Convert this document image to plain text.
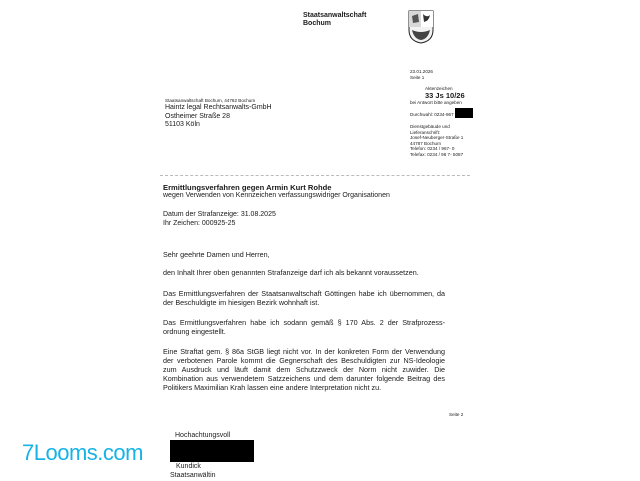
Staatsanwaltschaft
Bochum
23.01.2026
Seite 1
Aktenzeichen
33 Js 10/26
bei Antwort bitte angeben
Durchwahl: 0234-967
Dienstgebäude und
Lieferanschrift:
Josef-Neuberger-Straße 1
44787 Bochum
Telefon: 0234 / 967- 0
Telefax: 0234 / 96 7- 5087
Staatsanwaltschaft Bochum, 44782 Bochum
Haintz legal Rechtsanwalts-GmbH
Ostheimer Straße 28
51103 Köln
Ermittlungsverfahren gegen Armin Kurt Rohde
wegen Verwenden von Kennzeichen verfassungswidriger Organisationen
Datum der Strafanzeige: 31.08.2025
Ihr Zeichen: 000925-25
Sehr geehrte Damen und Herren,
den Inhalt Ihrer oben genannten Strafanzeige darf ich als bekannt voraussetzen.
Das Ermittlungsverfahren der Staatsanwaltschaft Göttingen habe ich übernommen, da der Beschuldigte im hiesigen Bezirk wohnhaft ist.
Das Ermittlungsverfahren habe ich sodann gemäß § 170 Abs. 2 der Strafprozess-ordnung eingestellt.
Eine Straftat gem. § 86a StGB liegt nicht vor. In der konkreten Form der Verwendung der verbotenen Parole kommt die Gegnerschaft des Beschuldigten zur NS-Ideologie zum Ausdruck und läuft damit dem Schutzzweck der Norm nicht zuwider. Die Kombination aus verwendetem Satzzeichens und dem darunter folgende Beitrag des Politikers Maximilian Krah lassen eine andere Interpretation nicht zu.
Seite 2
Hochachtungsvoll
Kundick
Staatsanwältin
7Looms.com
